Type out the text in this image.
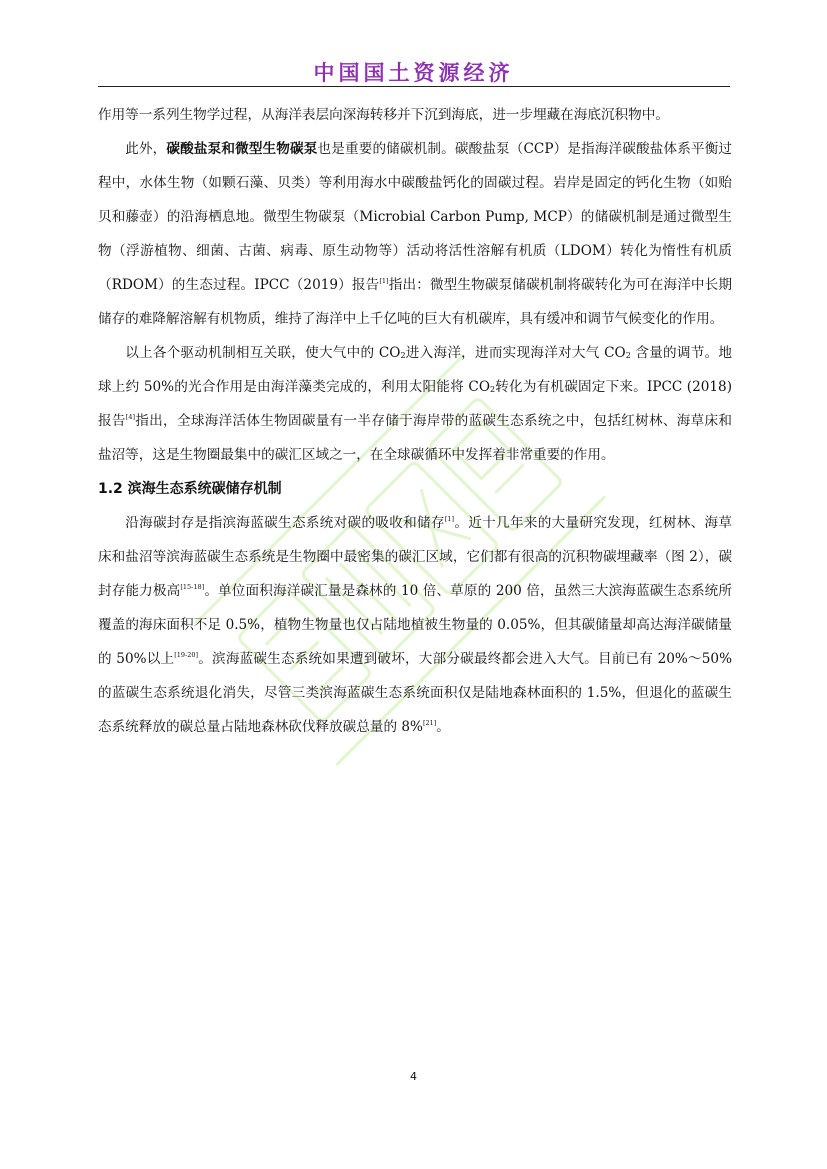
中国国土资源经济

作用等一系列生物学过程，从海洋表层向深海转移并下沉到海底，进一步埋藏在海底沉积物中。

此外，碳酸盐泵和微型生物碳泵也是重要的储碳机制。碳酸盐泵（CCP）是指海洋碳酸盐体系平衡过程中，水体生物（如颗石藻、贝类）等利用海水中碳酸盐钙化的固碳过程。岩岸是固定的钙化生物（如贻贝和藤壶）的沿海栖息地。微型生物碳泵（Microbial Carbon Pump, MCP）的储碳机制是通过微型生物（浮游植物、细菌、古菌、病毒、原生动物等）活动将活性溶解有机质（LDOM）转化为惰性有机质（RDOM）的生态过程。IPCC（2019）报告[1]指出：微型生物碳泵储碳机制将碳转化为可在海洋中长期储存的难降解溶解有机物质，维持了海洋中上千亿吨的巨大有机碳库，具有缓冲和调节气候变化的作用。

以上各个驱动机制相互关联，使大气中的 $CO_2$进入海洋，进而实现海洋对大气 $CO_2$ 含量的调节。地球上约 50%的光合作用是由海洋藻类完成的，利用太阳能将 $CO_2$转化为有机碳固定下来。IPCC (2018)报告[4]指出，全球海洋活体生物固碳量有一半存储于海岸带的蓝碳生态系统之中，包括红树林、海草床和盐沼等，这是生物圈最集中的碳汇区域之一，在全球碳循环中发挥着非常重要的作用。

1.2 滨海生态系统碳储存机制

沿海碳封存是指滨海蓝碳生态系统对碳的吸收和储存[1]。近十几年来的大量研究发现，红树林、海草床和盐沼等滨海蓝碳生态系统是生物圈中最密集的碳汇区域，它们都有很高的沉积物碳埋藏率（图 2），碳封存能力极高[15-18]。单位面积海洋碳汇量是森林的 10 倍、草原的 200 倍，虽然三大滨海蓝碳生态系统所覆盖的海床面积不足 0.5%，植物生物量也仅占陆地植被生物量的 0.05%，但其碳储量却高达海洋碳储量的 50%以上[19-20]。滨海蓝碳生态系统如果遭到破坏，大部分碳最终都会进入大气。目前已有 20%～50%的蓝碳生态系统退化消失，尽管三类滨海蓝碳生态系统面积仅是陆地森林面积的 1.5%，但退化的蓝碳生态系统释放的碳总量占陆地森林砍伐释放碳总量的 8%[21]。

4
